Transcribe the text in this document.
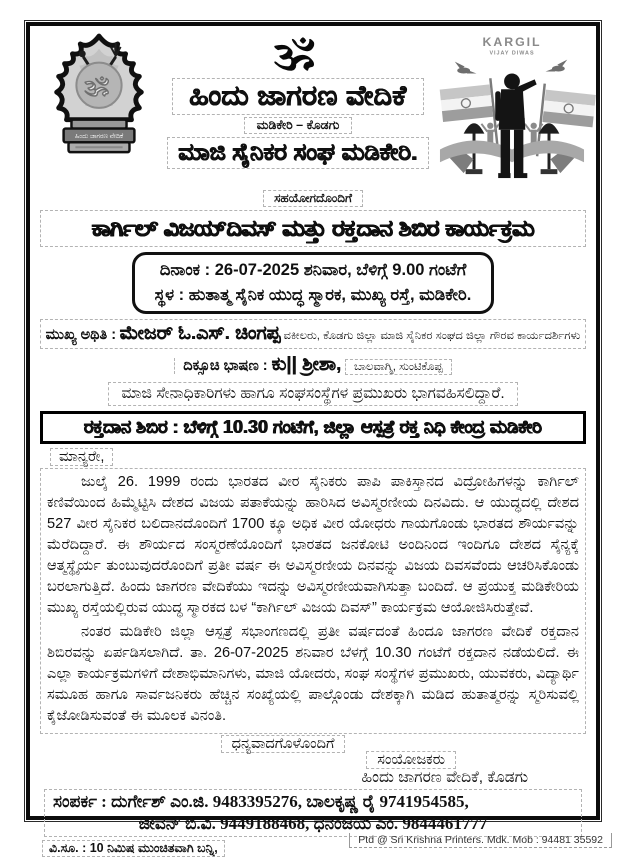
ॐ
ಹಿಂದು ಜಾಗರಣ ವೇದಿಕೆ
ॐ
ಹಿಂದು ಜಾಗರಣ ವೇದಿಕೆ
ಮಡಿಕೇರಿ – ಕೊಡಗು
ಮಾಜಿ ಸೈನಿಕರ ಸಂಘ ಮಡಿಕೇರಿ.
KARGIL
VIJAY DIWAS
ಸಹಯೋಗದೊಂದಿಗೆ
ಕಾರ್ಗಿಲ್ ವಿಜಯ್‌ದಿವಸ್ ಮತ್ತು ರಕ್ತದಾನ ಶಿಬಿರ ಕಾರ್ಯಕ್ರಮ
ದಿನಾಂಕ : 26-07-2025 ಶನಿವಾರ, ಬೆಳಿಗ್ಗೆ 9.00 ಗಂಟೆಗೆ
ಸ್ಥಳ : ಹುತಾತ್ಮ ಸೈನಿಕ ಯುದ್ಧ ಸ್ಮಾರಕ, ಮುಖ್ಯ ರಸ್ತೆ, ಮಡಿಕೇರಿ.
ಮುಖ್ಯ ಅಥಿತಿ : ಮೇಜರ್ ಓ.ಎಸ್. ಚಿಂಗಪ್ಪ ವಕೀಲರು, ಕೊಡಗು ಜಿಲ್ಲಾ ಮಾಜಿ ಸೈನಿಕರ ಸಂಘದ ಜಿಲ್ಲಾ ಗೌರವ ಕಾರ್ಯದರ್ಶಿಗಳು
ದಿಕ್ಸೂಚಿ ಭಾಷಣ : ಕು|| ಶ್ರೀಶಾ, ಬಾಲವಾಗ್ಮಿ, ಸುಂಟಿಕೊಪ್ಪ
ಮಾಜಿ ಸೇನಾಧಿಕಾರಿಗಳು ಹಾಗೂ ಸಂಘಸಂಸ್ಥೆಗಳ ಪ್ರಮುಖರು ಭಾಗವಹಿಸಲಿದ್ದಾರೆ.
ರಕ್ತದಾನ ಶಿಬಿರ : ಬೆಳಿಗ್ಗೆ 10.30 ಗಂಟೆಗೆ, ಜಿಲ್ಲಾ ಆಸ್ಪತ್ರೆ ರಕ್ತ ನಿಧಿ ಕೇಂದ್ರ ಮಡಿಕೇರಿ
ಮಾನ್ಯರೇ,

ಜುಲೈ 26. 1999 ರಂದು ಭಾರತದ ವೀರ ಸೈನಿಕರು ಪಾಪಿ ಪಾಕಿಸ್ತಾನದ ವಿದ್ರೋಹಿಗಳನ್ನು ಕಾರ್ಗಿಲ್ ಕಣಿವೆಯಿಂದ ಹಿಮ್ಮೆಟ್ಟಿಸಿ ದೇಶದ ವಿಜಯ ಪತಾಕೆಯನ್ನು ಹಾರಿಸಿದ ಅವಿಸ್ಮರಣೀಯ ದಿನವಿದು. ಆ ಯುದ್ಧದಲ್ಲಿ ದೇಶದ 527 ವೀರ ಸೈನಿಕರ ಬಲಿದಾನದೊಂದಿಗೆ 1700 ಕ್ಕೂ ಅಧಿಕ ವೀರ ಯೋಧರು ಗಾಯಗೊಂಡು ಭಾರತದ ಶೌರ್ಯವನ್ನು ಮೆರೆದಿದ್ದಾರೆ. ಈ ಶೌರ್ಯದ ಸಂಸ್ಮರಣೆಯೊಂದಿಗೆ ಭಾರತದ ಜನಕೋಟಿ ಅಂದಿನಿಂದ ಇಂದಿಗೂ ದೇಶದ ಸೈನ್ಯಕ್ಕೆ ಆತ್ಮಸ್ಥೈರ್ಯ ತುಂಬುವುದರೊಂದಿಗೆ ಪ್ರತೀ ವರ್ಷ ಈ ಅವಿಸ್ಮರಣೀಯ ದಿನವನ್ನು ವಿಜಯ ದಿವಸವೆಂದು ಆಚರಿಸಿಕೊಂಡು ಬರಲಾಗುತ್ತಿದೆ. ಹಿಂದು ಜಾಗರಣ ವೇದಿಕೆಯು ಇದನ್ನು ಅವಿಸ್ಮರಣೀಯವಾಗಿಸುತ್ತಾ ಬಂದಿದೆ. ಆ ಪ್ರಯುಕ್ತ ಮಡಿಕೇರಿಯ ಮುಖ್ಯ ರಸ್ತೆಯಲ್ಲಿರುವ ಯುದ್ಧ ಸ್ಮಾರಕದ ಬಳ “ಕಾರ್ಗಿಲ್ ವಿಜಯ ದಿವಸ್” ಕಾರ್ಯಕ್ರಮ ಆಯೋಜಿಸಿರುತ್ತೇವೆ.

ನಂತರ ಮಡಿಕೇರಿ ಜಿಲ್ಲಾ ಆಸ್ಪತ್ರೆ ಸಭಾಂಗಣದಲ್ಲಿ ಪ್ರತೀ ವರ್ಷದಂತೆ ಹಿಂದೂ ಜಾಗರಣ ವೇದಿಕೆ ರಕ್ತದಾನ ಶಿಬಿರವನ್ನು ಏರ್ಪಡಿಸಲಾಗಿದೆ. ತಾ. 26-07-2025 ಶನಿವಾರ ಬೆಳಗ್ಗೆ 10.30 ಗಂಟೆಗೆ ರಕ್ತದಾನ ನಡೆಯಲಿದೆ. ಈ ಎಲ್ಲಾ ಕಾರ್ಯಕ್ರಮಗಳಿಗೆ ದೇಶಾಭಿಮಾನಿಗಳು, ಮಾಜಿ ಯೋದರು, ಸಂಘ ಸಂಸ್ಥೆಗಳ ಪ್ರಮುಖರು, ಯುವಕರು, ವಿದ್ಯಾರ್ಥಿ ಸಮೂಹ ಹಾಗೂ ಸಾರ್ವಜನಿಕರು ಹೆಚ್ಚಿನ ಸಂಖ್ಯೆಯಲ್ಲಿ ಪಾಲ್ಗೊಂಡು ದೇಶಕ್ಕಾಗಿ ಮಡಿದ ಹುತಾತ್ಮರನ್ನು ಸ್ಮರಿಸುವಲ್ಲಿ ಕೈಜೋಡಿಸುವಂತೆ ಈ ಮೂಲಕ ವಿನಂತಿ.

ಧನ್ಯವಾದಗೊಳೊಂದಿಗೆ
ಸಂಯೋಜಕರು
ಹಿಂದು ಜಾಗರಣ ವೇದಿಕೆ, ಕೊಡಗು
ಸಂಪರ್ಕ : ದುರ್ಗೇಶ್ ಎಂ.ಜಿ. 9483395276, ಬಾಲಕೃಷ್ಣ ರೈ 9741954585,
ಜೀವನ್ ಬಿ.ವಿ. 9449188468, ಧನಂಜಯ ಎಂ. 9844461777
ವಿ.ಸೂ. : 10 ನಿಮಿಷ ಮುಂಚಿತವಾಗಿ ಬನ್ನಿ,
Ptd @ Sri Krishna Printers. Mdk. Mob : 94481 35592
